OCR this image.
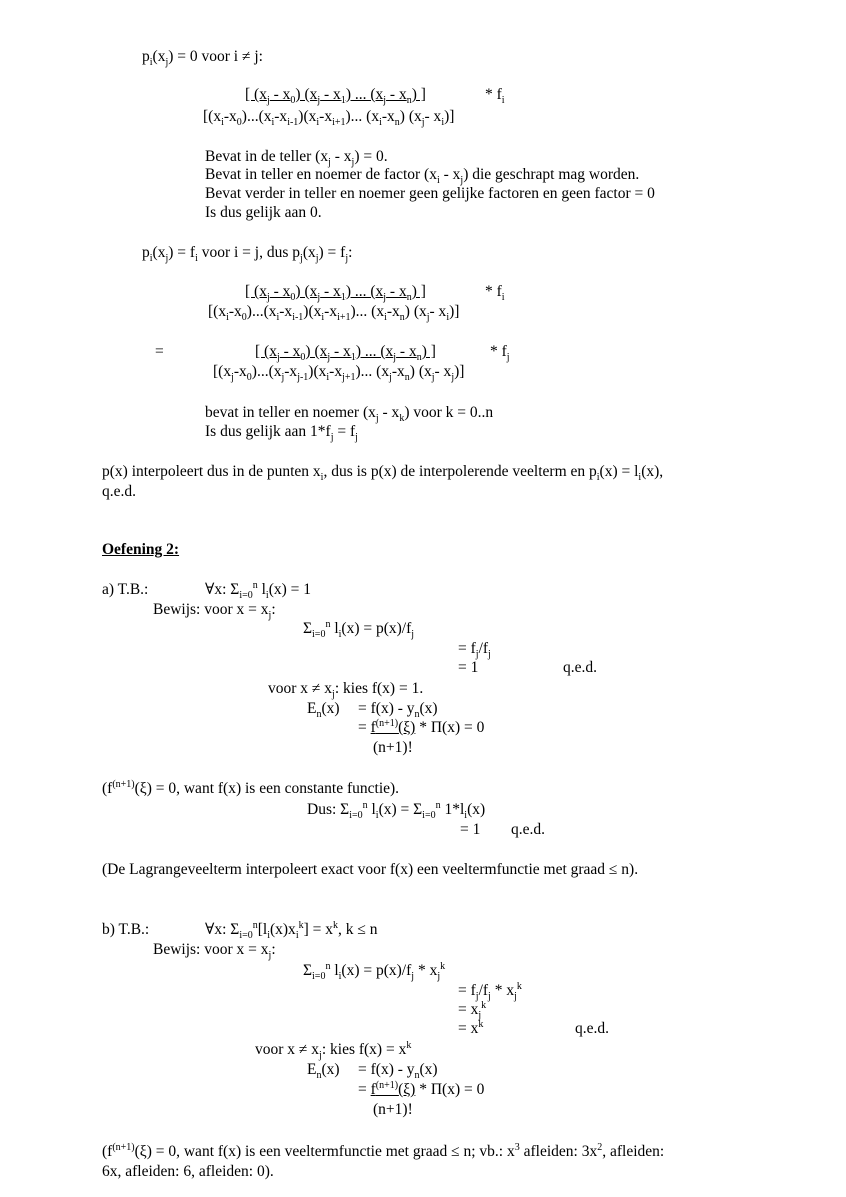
$p_i(x_j) = 0$ voor i ≠ j:
[ $(x_j - x_0)$ $(x_j - x_1)$ ... $(x_j - x_n)$ ]	* $f_i$
[$(x_i-x_0)...(x_i-x_{i-1})(x_i-x_{i+1})$... $(x_i-x_n)$ ($x_j-$ $x_i$)]
Bevat in de teller $(x_j - x_j) = 0$.
Bevat in teller en noemer de factor $(x_i - x_j)$ die geschrapt mag worden.
Bevat verder in teller en noemer geen gelijke factoren en geen factor = 0
Is dus gelijk aan 0.
$p_i(x_j) = f_i$ voor i = j, dus $p_j(x_j) = f_j$:
[ $(x_j - x_0)$ $(x_j - x_1)$ ... $(x_j - x_n)$ ]	* $f_i$
[$(x_i-x_0)...(x_i-x_{i-1})(x_i-x_{i+1})$... $(x_i-x_n)$ ($x_j-$ $x_i$)]
=	[ $(x_j - x_0)$ $(x_j - x_1)$ ... $(x_j - x_n)$ ]	* $f_j$
[$(x_j-x_0)...(x_j-x_{j-1})(x_i-x_{j+1})$... $(x_j-x_n)$ ($x_j-$ $x_j$)]
bevat in teller en noemer $(x_j - x_k)$ voor k = 0..n
Is dus gelijk aan $1*f_j = f_j$
p(x) interpoleert dus in de punten $x_i$, dus is p(x) de interpolerende veelterm en $p_i(x) = l_i(x)$,
q.e.d.
Oefening 2:
a) T.B.:	∀x: $\Sigma_{i=0}^n$ $l_i(x) = 1$
Bewijs: voor $x = x_j$:
$\Sigma_{i=0}^n$ $l_i(x) = p(x)/f_j$
= $f_j/f_j$
= 1	q.e.d.
voor $x \ne x_j$: kies f(x) = 1.
$E_n(x) = f(x) - y_n(x)$
= $f^{(n+1)}(\xi) * \Pi(x) = 0$
(n+1)!
($f^{(n+1)}(\xi) = 0$, want f(x) is een constante functie).
Dus: $\Sigma_{i=0}^n$ $l_i(x) = \Sigma_{i=0}^n$ $1*l_i(x)$
= 1 q.e.d.
(De Lagrangeveelterm interpoleert exact voor f(x) een veeltermfunctie met graad ≤ n).
b) T.B.:	∀x: $\Sigma_{i=0}^n[l_i(x)x_i^k] = x^k$, k ≤ n
Bewijs: voor $x = x_j$:
$\Sigma_{i=0}^n$ $l_i(x) = p(x)/f_j * x_j^k$
= $f_j/f_j * x_j^k$
= $x_j^k$
= $x^k$	q.e.d.
voor $x \ne x_j$: kies $f(x) = x^k$
$E_n(x) = f(x) - y_n(x)$
= $f^{(n+1)}(\xi) * \Pi(x) = 0$
(n+1)!
($f^{(n+1)}(\xi) = 0$, want f(x) is een veeltermfunctie met graad ≤ n; vb.: $x^3$ afleiden: $3x^2$, afleiden:
6x, afleiden: 6, afleiden: 0).
